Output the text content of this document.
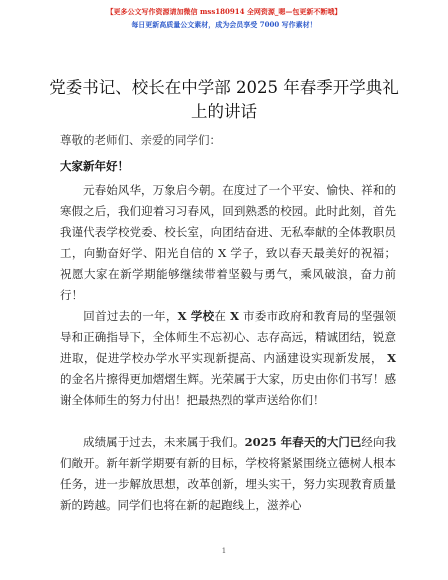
【更多公文写作资源请加微信 mss180914 全网资源_嗯—包更新不断哦】
每日更新高质量公文素材，成为会员享受 7000 写作素材！
党委书记、校长在中学部 2025 年春季开学典礼
上的讲话
尊敬的老师们、亲爱的同学们：
大家新年好！
元春始风华，万象启今朝。在度过了一个平安、愉快、祥和的寒假之后，我们迎着习习春风，回到熟悉的校园。此时此刻，首先我谨代表学校党委、校长室，向团结奋进、无私奉献的全体教职员工，向勤奋好学、阳光自信的 X 学子，致以春天最美好的祝福；祝愿大家在新学期能够继续带着坚毅与勇气，乘风破浪，奋力前行！
回首过去的一年，X 学校在 X 市委市政府和教育局的坚强领导和正确指导下，全体师生不忘初心、志存高远，精诚团结，锐意进取，促进学校办学水平实现新提高、内涵建设实现新发展， X 的金名片擦得更加熠熠生辉。光荣属于大家，历史由你们书写！感谢全体师生的努力付出！把最热烈的掌声送给你们！
成绩属于过去，未来属于我们。2025 年春天的大门已经向我们敞开。新年新学期要有新的目标，学校将紧紧围绕立德树人根本任务，进一步解放思想，改革创新，埋头实干，努力实现教育质量新的跨越。同学们也将在新的起跑线上，滋养心
1
